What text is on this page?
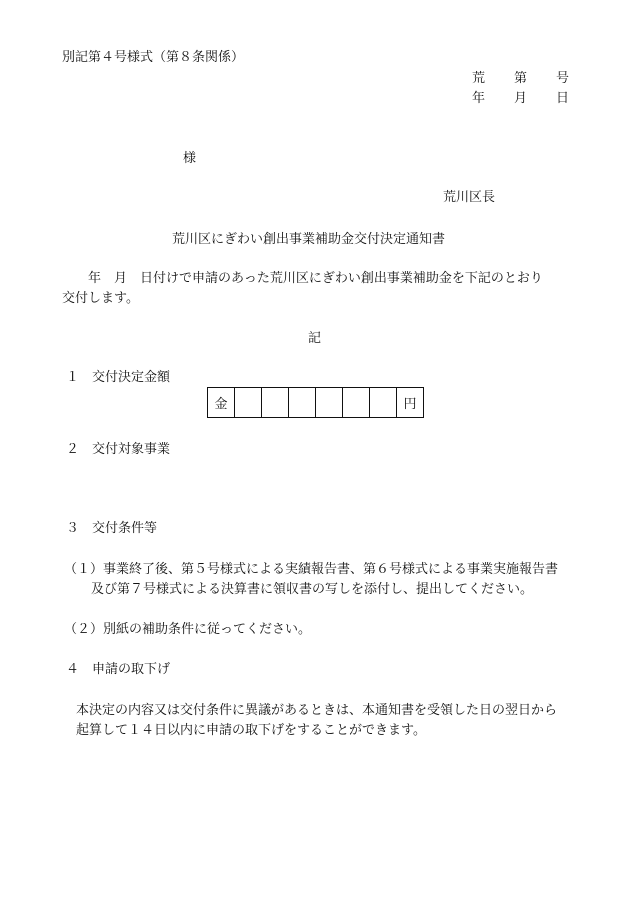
別記第４号様式（第８条関係）
荒 第 号
年 月 日
様
荒川区長
荒川区にぎわい創出事業補助金交付決定通知書
年　月　日付けで申請のあった荒川区にぎわい創出事業補助金を下記のとおり
交付します。
記
１　交付決定金額
金	円
２　交付対象事業
３　交付条件等
（１）事業終了後、第５号様式による実績報告書、第６号様式による事業実施報告書
及び第７号様式による決算書に領収書の写しを添付し、提出してください。
（２）別紙の補助条件に従ってください。
４　申請の取下げ
本決定の内容又は交付条件に異議があるときは、本通知書を受領した日の翌日から
起算して１４日以内に申請の取下げをすることができます。
